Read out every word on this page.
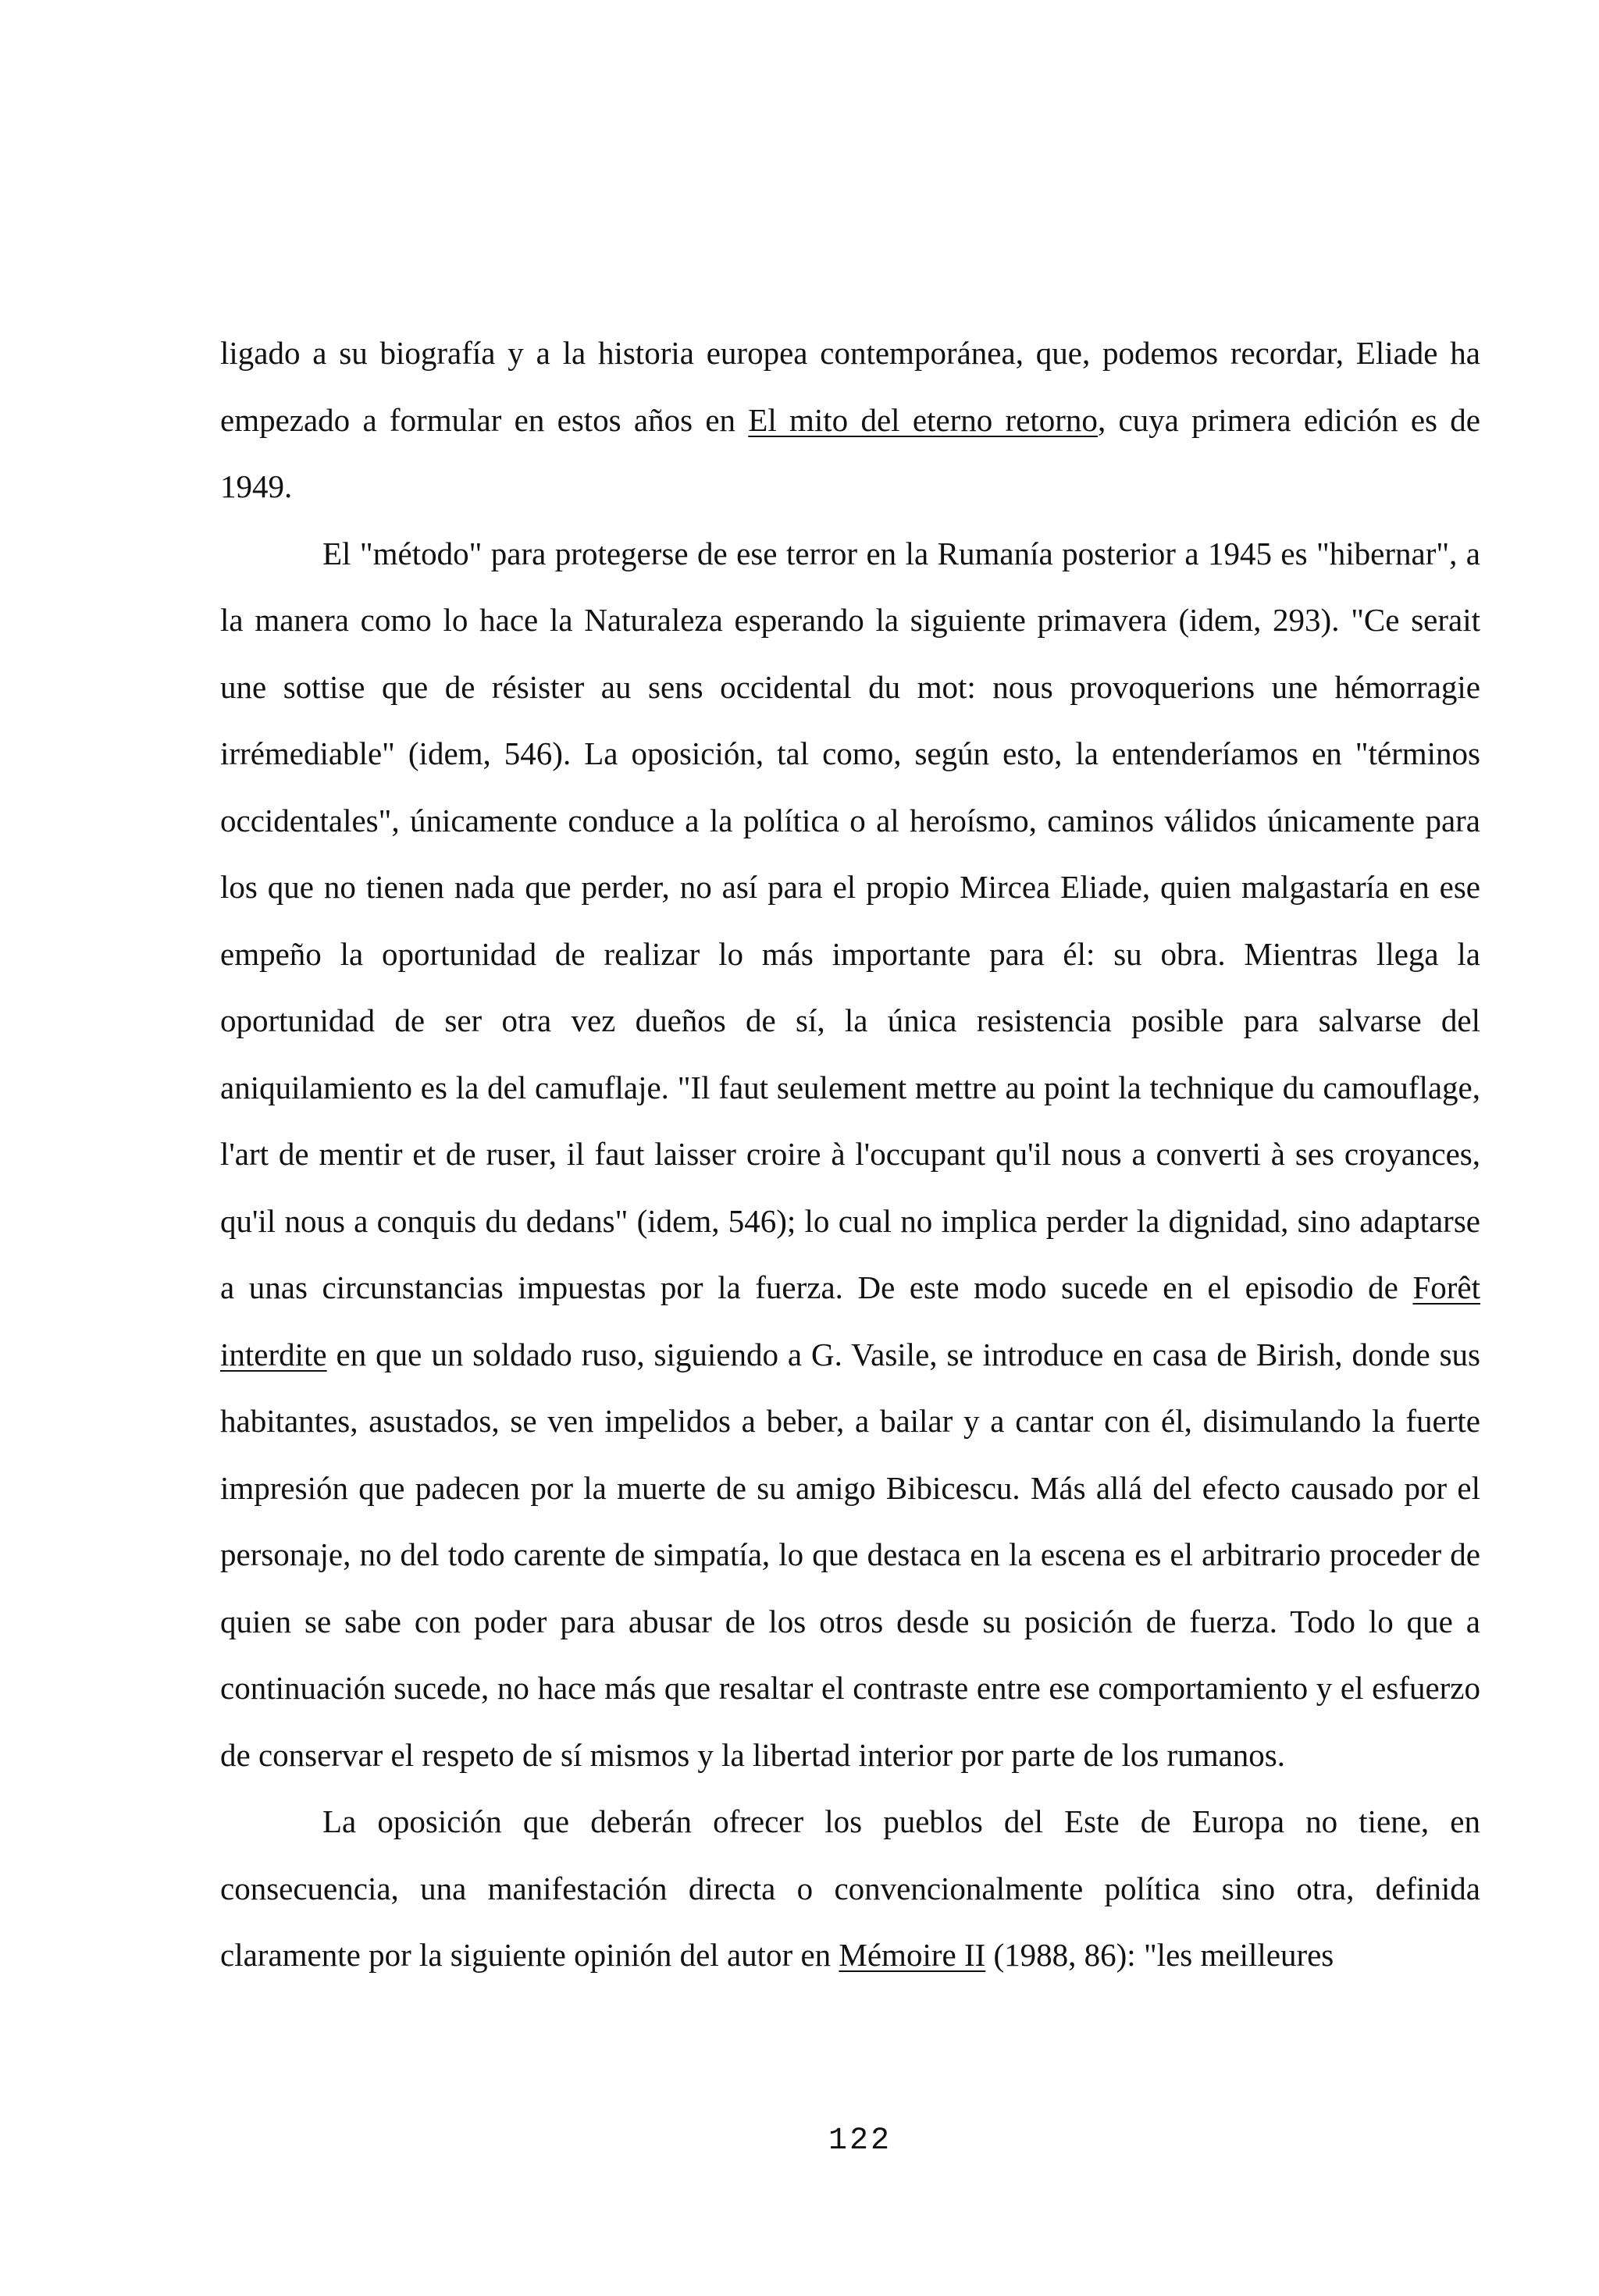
ligado a su biografía y a la historia europea contemporánea, que, podemos recordar, Eliade ha empezado a formular en estos años en El mito del eterno retorno, cuya primera edición es de 1949.

El "método" para protegerse de ese terror en la Rumanía posterior a 1945 es "hibernar", a la manera como lo hace la Naturaleza esperando la siguiente primavera (idem, 293). "Ce serait une sottise que de résister au sens occidental du mot: nous provoquerions une hémorragie irrémediable" (idem, 546). La oposición, tal como, según esto, la entenderíamos en "términos occidentales", únicamente conduce a la política o al heroísmo, caminos válidos únicamente para los que no tienen nada que perder, no así para el propio Mircea Eliade, quien malgastaría en ese empeño la oportunidad de realizar lo más importante para él: su obra. Mientras llega la oportunidad de ser otra vez dueños de sí, la única resistencia posible para salvarse del aniquilamiento es la del camuflaje. "Il faut seulement mettre au point la technique du camouflage, l'art de mentir et de ruser, il faut laisser croire à l'occupant qu'il nous a converti à ses croyances, qu'il nous a conquis du dedans" (idem, 546); lo cual no implica perder la dignidad, sino adaptarse a unas circunstancias impuestas por la fuerza. De este modo sucede en el episodio de Forêt interdite en que un soldado ruso, siguiendo a G. Vasile, se introduce en casa de Birish, donde sus habitantes, asustados, se ven impelidos a beber, a bailar y a cantar con él, disimulando la fuerte impresión que padecen por la muerte de su amigo Bibicescu. Más allá del efecto causado por el personaje, no del todo carente de simpatía, lo que destaca en la escena es el arbitrario proceder de quien se sabe con poder para abusar de los otros desde su posición de fuerza. Todo lo que a continuación sucede, no hace más que resaltar el contraste entre ese comportamiento y el esfuerzo de conservar el respeto de sí mismos y la libertad interior por parte de los rumanos.

La oposición que deberán ofrecer los pueblos del Este de Europa no tiene, en consecuencia, una manifestación directa o convencionalmente política sino otra, definida claramente por la siguiente opinión del autor en Mémoire II (1988, 86): "les meilleures

122
